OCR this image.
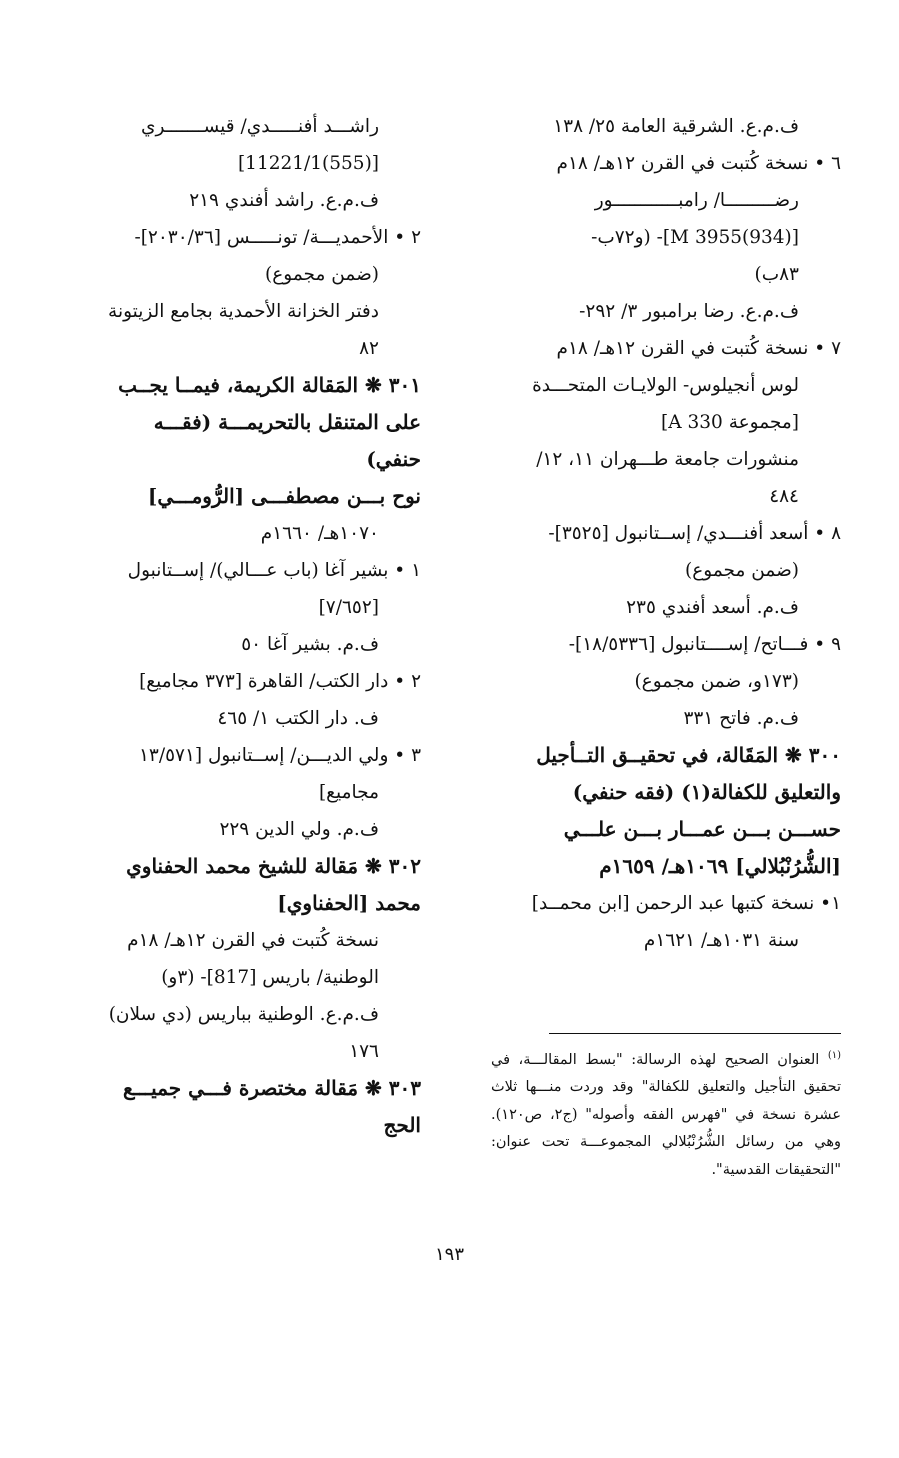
ف.م.ع. الشرقية العامة ٢٥/ ١٣٨

٦ • نسخة كُتبت في القرن ١٢هـ/ ١٨م

رضـــــــــا/ رامبــــــــــــور

[M 3955(934)]- (و٧٢ب-

٨٣ب)

ف.م.ع. رضا برامبور ٣/ ٢٩٢-

٧ • نسخة كُتبت في القرن ١٢هـ/ ١٨م

لوس أنجيلوس- الولايـات المتحـــدة

[مجموعة A 330]

منشورات جامعة طـــهران ١١، ١٢/

٤٨٤

٨ • أسعد أفنـــدي/ إســتانبول [٣٥٢٥]-

(ضمن مجموع)

ف.م. أسعد أفندي ٢٣٥

٩ • فـــاتح/ إســــتانبول [١٨/٥٣٣٦]-

(١٧٣و، ضمن مجموع)

ف.م. فاتح ٣٣١

٣٠٠ ❋ المَقَالة، في تحقيــق التــأجيل

والتعليق للكفالة(١) (فقه حنفي)

حســـن بـــن عمـــار بـــن علـــي

[الشُّرُنْبُلالي] ١٠٦٩هـ/ ١٦٥٩م

١• نسخة كتبها عبد الرحمن [ابن محمــد]

سنة ١٠٣١هـ/ ١٦٢١م

راشـــد أفنـــــدي/ قيســـــــري

[(555)11221/1]

ف.م.ع. راشد أفندي ٢١٩

٢ • الأحمديـــة/ تونـــــس [٢٠٣٠/٣٦]-

(ضمن مجموع)

دفتر الخزانة الأحمدية بجامع الزيتونة

٨٢

٣٠١ ❋ المَقالة الكريمة، فيمــا يجــب

على المتنقل بالتحريمـــة (فقـــه

حنفي)

نوح بـــن مصطفـــى [الرُّومـــي]

١٠٧٠هـ/ ١٦٦٠م

١ • بشير آغا (باب عـــالي)/ إســتانبول

[٧/٦٥٢]

ف.م. بشير آغا ٥٠

٢ • دار الكتب/ القاهرة [٣٧٣ مجاميع]

ف. دار الكتب ١/ ٤٦٥

٣ • ولي الديـــن/ إســتانبول [١٣/٥٧١

مجاميع]

ف.م. ولي الدين ٢٢٩

٣٠٢ ❋ مَقالة للشيخ محمد الحفناوي

محمد [الحفناوي]

نسخة كُتبت في القرن ١٢هـ/ ١٨م

الوطنية/ باريس [817]- (٣و)

ف.م.ع. الوطنية بباريس (دي سلان)

١٧٦

٣٠٣ ❋ مَقالة مختصرة فـــي جميـــع

الحج

$^{(١)}$ العنوان الصحيح لهذه الرسالة: "بسط المقالـــة، في تحقيق التأجيل والتعليق للكفالة" وقد وردت منـــها ثلاث عشرة نسخة في "فهرس الفقه وأصوله" (ج٢، ص١٢٠). وهي من رسائل الشُّرُنْبُلالي المجموعـــة تحت عنوان: "التحقيقات القدسية".
١٩٣
